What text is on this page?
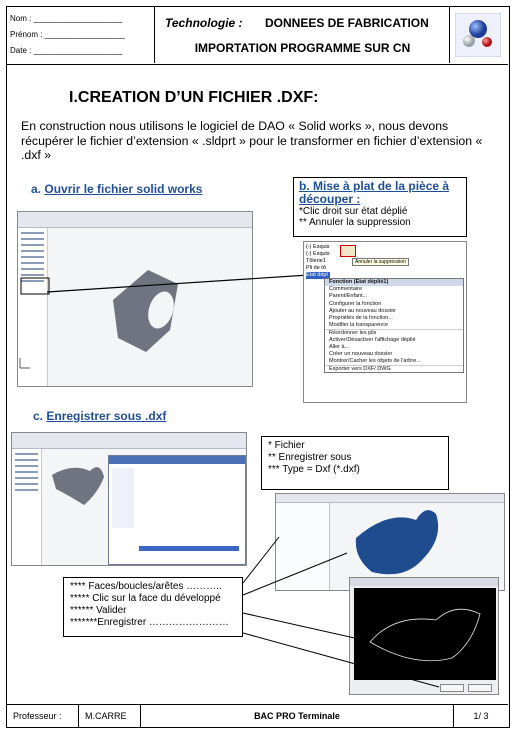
Nom : ____________________
Prénom : __________________
Date : ____________________
Technologie : DONNEES DE FABRICATION
IMPORTATION PROGRAMME SUR CN
I.CREATION D’UN FICHIER .DXF:
En construction nous utilisons le logiciel de DAO « Solid works », nous devons récupérer le fichier d’extension « .sldprt » pour le transformer en fichier d’extension « .dxf »
a. Ouvrir le fichier solid works	b. Mise à plat de la pièce à découper :
*Clic droit sur état déplié
** Annuler la suppression
(-) Esquis
(-) Esquis
Tôlerie1
Pli de tô
Etat dépl
Annuler la suppression
Fonction (Etat déplié1)
Commentaire
Parent/Enfant...
Configurer la fonction
Ajouter au nouveau dossier
Propriétés de la fonction...
Modifier la transparence
Réordonner les plis
Activer/Désactiver l'affichage déplié
Aller à...
Créer un nouveau dossier
Montrer/Cacher les objets de l'arbre...
Exporter vers DXF/ DWG
c. Enregistrer sous .dxf
* Fichier
** Enregistrer sous
*** Type = Dxf (*.dxf)
**** Faces/boucles/arêtes ………..
***** Clic sur la face du développé
****** Valider
*******Enregistrer ……………………
Professeur :	M.CARRE	BAC PRO Terminale	1/ 3
